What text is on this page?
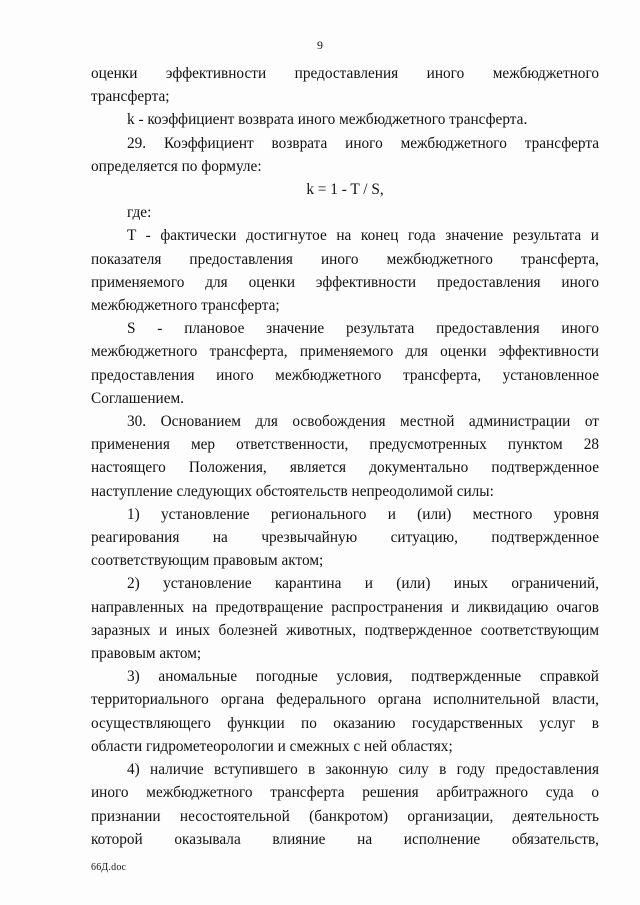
9
оценки эффективности предоставления иного межбюджетного
трансферта;
k - коэффициент возврата иного межбюджетного трансферта.
29. Коэффициент возврата иного межбюджетного трансферта
определяется по формуле:
k = 1 - T / S,
где:
T - фактически достигнутое на конец года значение результата и
показателя предоставления иного межбюджетного трансферта,
применяемого для оценки эффективности предоставления иного
межбюджетного трансферта;
S - плановое значение результата предоставления иного
межбюджетного трансферта, применяемого для оценки эффективности
предоставления иного межбюджетного трансферта, установленное
Соглашением.
30. Основанием для освобождения местной администрации от
применения мер ответственности, предусмотренных пунктом 28
настоящего Положения, является документально подтвержденное
наступление следующих обстоятельств непреодолимой силы:
1) установление регионального и (или) местного уровня
реагирования на чрезвычайную ситуацию, подтвержденное
соответствующим правовым актом;
2) установление карантина и (или) иных ограничений,
направленных на предотвращение распространения и ликвидацию очагов
заразных и иных болезней животных, подтвержденное соответствующим
правовым актом;
3) аномальные погодные условия, подтвержденные справкой
территориального органа федерального органа исполнительной власти,
осуществляющего функции по оказанию государственных услуг в
области гидрометеорологии и смежных с ней областях;
4) наличие вступившего в законную силу в году предоставления
иного межбюджетного трансферта решения арбитражного суда о
признании несостоятельной (банкротом) организации, деятельность
которой оказывала влияние на исполнение обязательств,
66Д.doc
